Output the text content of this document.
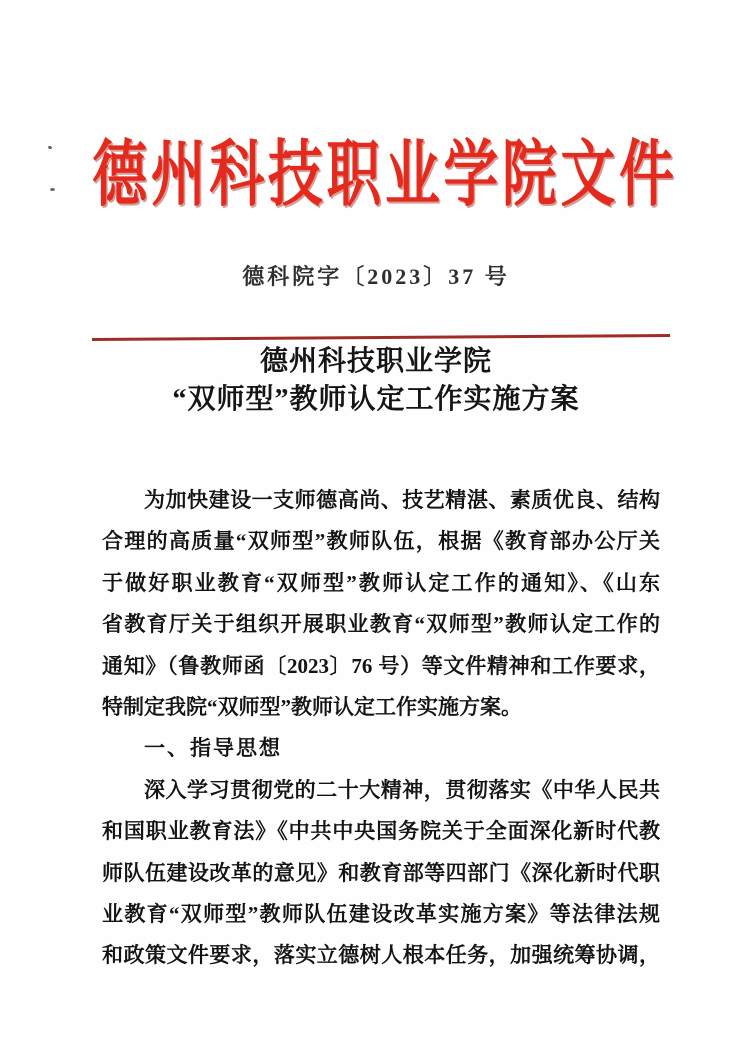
德州科技职业学院文件
德科院字〔2023〕37 号
德州科技职业学院
“双师型”教师认定工作实施方案
为加快建设一支师德高尚、技艺精湛、素质优良、结构
合理的高质量“双师型”教师队伍，根据《教育部办公厅关
于做好职业教育“双师型”教师认定工作的通知》、《山东
省教育厅关于组织开展职业教育“双师型”教师认定工作的
通知》（鲁教师函〔2023〕76 号）等文件精神和工作要求，
特制定我院“双师型”教师认定工作实施方案。
一、指导思想
深入学习贯彻党的二十大精神，贯彻落实《中华人民共
和国职业教育法》《中共中央国务院关于全面深化新时代教
师队伍建设改革的意见》和教育部等四部门《深化新时代职
业教育“双师型”教师队伍建设改革实施方案》等法律法规
和政策文件要求，落实立德树人根本任务，加强统筹协调，
